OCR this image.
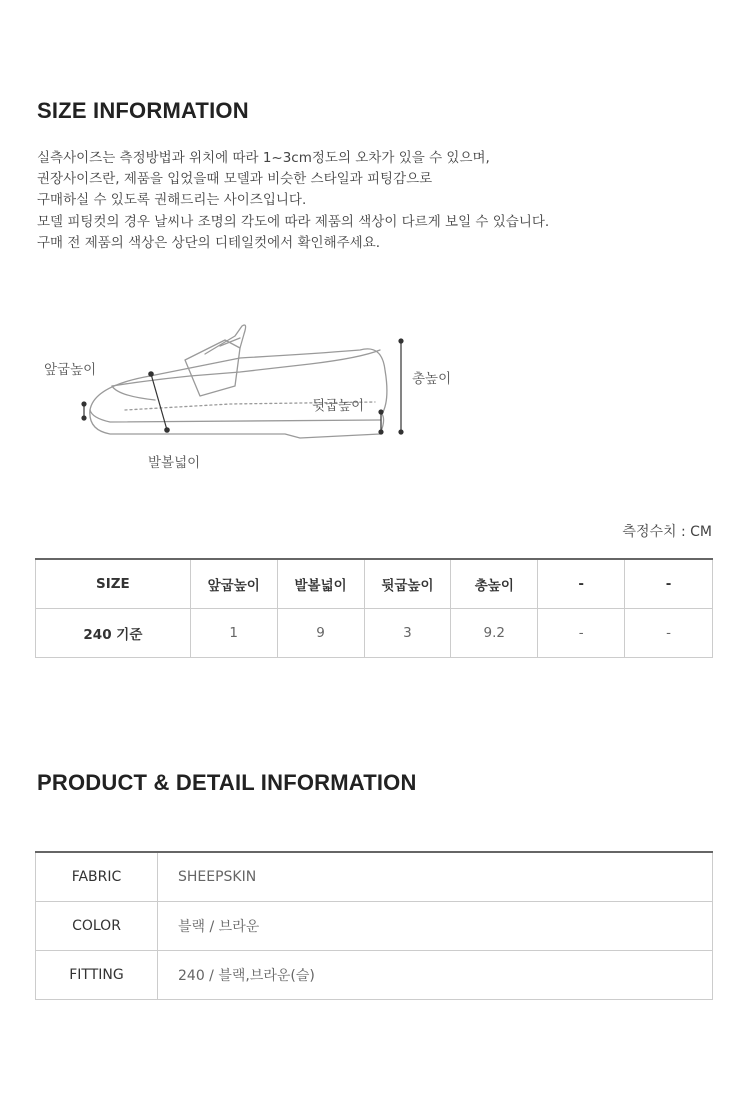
SIZE INFORMATION
실측사이즈는 측정방법과 위치에 따라 1~3cm정도의 오차가 있을 수 있으며,
권장사이즈란, 제품을 입었을때 모델과 비슷한 스타일과 피팅감으로
구매하실 수 있도록 권해드리는 사이즈입니다.
모델 피팅컷의 경우 날씨나 조명의 각도에 따라 제품의 색상이 다르게 보일 수 있습니다.
구매 전 제품의 색상은 상단의 디테일컷에서 확인해주세요.
앞굽높이
발볼넓이
뒷굽높이
총높이
측정수치 : CM
SIZE	앞굽높이	발볼넓이	뒷굽높이	총높이	-	-
240 기준	1	9	3	9.2	-	-
PRODUCT & DETAIL INFORMATION
FABRIC	SHEEPSKIN
COLOR	블랙 / 브라운
FITTING	240 / 블랙,브라운(슬)
